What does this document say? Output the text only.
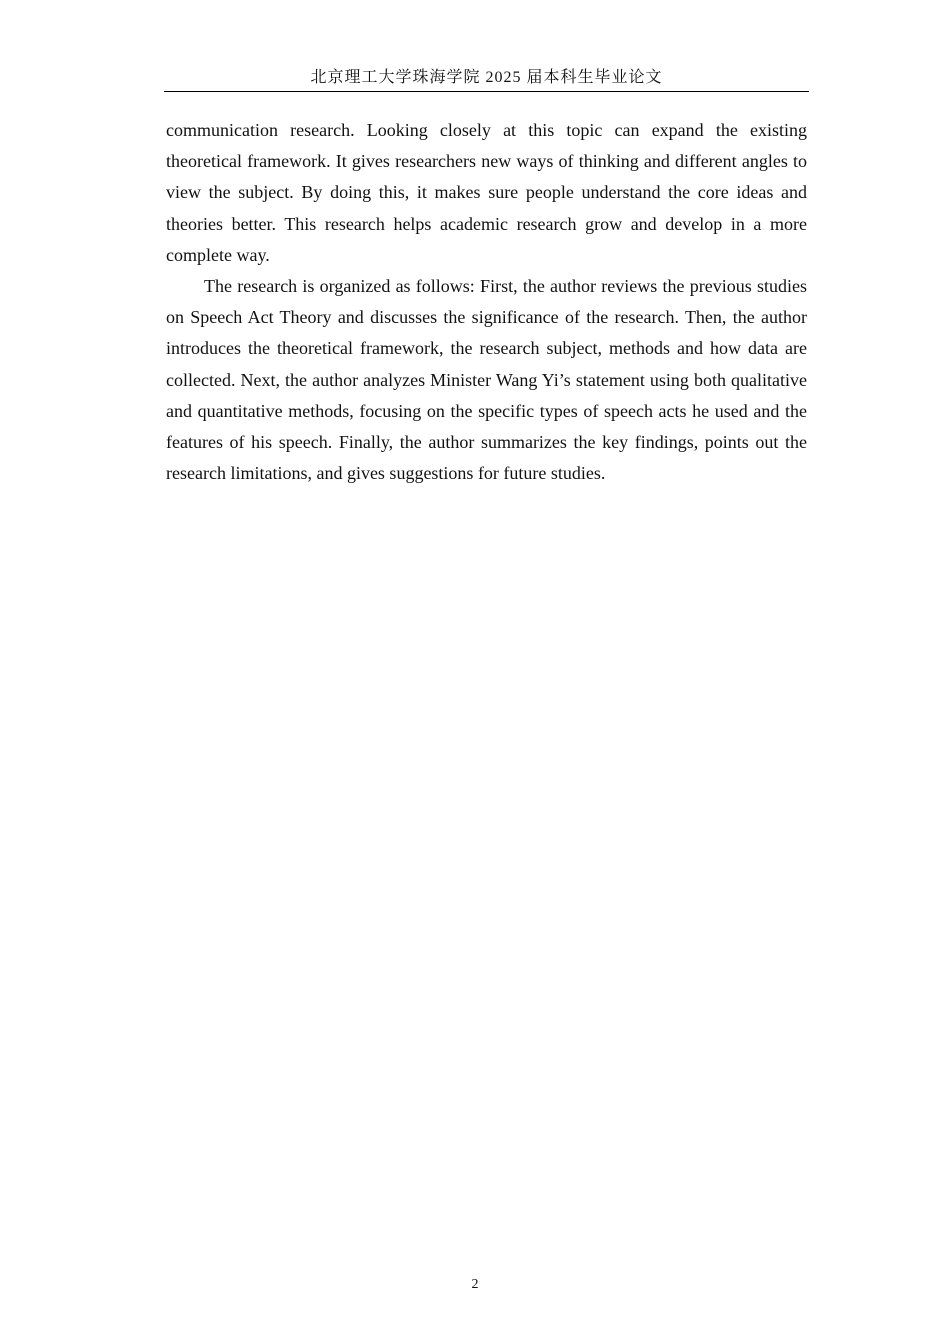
北京理工大学珠海学院 2025 届本科生毕业论文

communication research. Looking closely at this topic can expand the existing theoretical framework. It gives researchers new ways of thinking and different angles to view the subject. By doing this, it makes sure people understand the core ideas and theories better. This research helps academic research grow and develop in a more complete way.

The research is organized as follows: First, the author reviews the previous studies on Speech Act Theory and discusses the significance of the research. Then, the author introduces the theoretical framework, the research subject, methods and how data are collected. Next, the author analyzes Minister Wang Yi’s statement using both qualitative and quantitative methods, focusing on the specific types of speech acts he used and the features of his speech. Finally, the author summarizes the key findings, points out the research limitations, and gives suggestions for future studies.

2
